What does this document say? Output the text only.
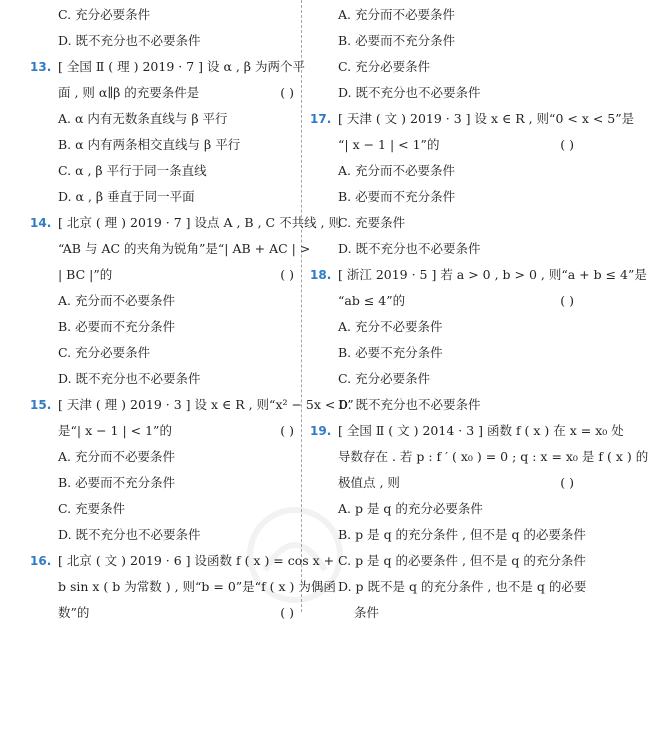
C. 充分必要条件
D. 既不充分也不必要条件
13. [ 全国 Ⅱ ( 理 ) 2019 · 7 ] 设 α , β 为两个平
面 , 则 α∥β 的充要条件是	( )
A. α 内有无数条直线与 β 平行
B. α 内有两条相交直线与 β 平行
C. α , β 平行于同一条直线
D. α , β 垂直于同一平面
14. [ 北京 ( 理 ) 2019 · 7 ] 设点 A , B , C 不共线 , 则
“AB 与 AC 的夹角为锐角”是“| AB + AC | >
| BC |”的	( )
A. 充分而不必要条件
B. 必要而不充分条件
C. 充分必要条件
D. 既不充分也不必要条件
15. [ 天津 ( 理 ) 2019 · 3 ] 设 x ∈ R , 则“x² − 5x < 0”
是“| x − 1 | < 1”的	( )
A. 充分而不必要条件
B. 必要而不充分条件
C. 充要条件
D. 既不充分也不必要条件
16. [ 北京 ( 文 ) 2019 · 6 ] 设函数 f ( x ) = cos x +
b sin x ( b 为常数 ) , 则“b = 0”是“f ( x ) 为偶函
数”的	( )
A. 充分而不必要条件
B. 必要而不充分条件
C. 充分必要条件
D. 既不充分也不必要条件
17. [ 天津 ( 文 ) 2019 · 3 ] 设 x ∈ R , 则“0 < x < 5”是
“| x − 1 | < 1”的	( )
A. 充分而不必要条件
B. 必要而不充分条件
C. 充要条件
D. 既不充分也不必要条件
18. [ 浙江 2019 · 5 ] 若 a > 0 , b > 0 , 则“a + b ≤ 4”是
“ab ≤ 4”的	( )
A. 充分不必要条件
B. 必要不充分条件
C. 充分必要条件
D. 既不充分也不必要条件
19. [ 全国 Ⅱ ( 文 ) 2014 · 3 ] 函数 f ( x ) 在 x = x₀ 处
导数存在 . 若 p : f ′ ( x₀ ) = 0 ; q : x = x₀ 是 f ( x ) 的
极值点 , 则	( )
A. p 是 q 的充分必要条件
B. p 是 q 的充分条件 , 但不是 q 的必要条件
C. p 是 q 的必要条件 , 但不是 q 的充分条件
D. p 既不是 q 的充分条件 , 也不是 q 的必要
条件
